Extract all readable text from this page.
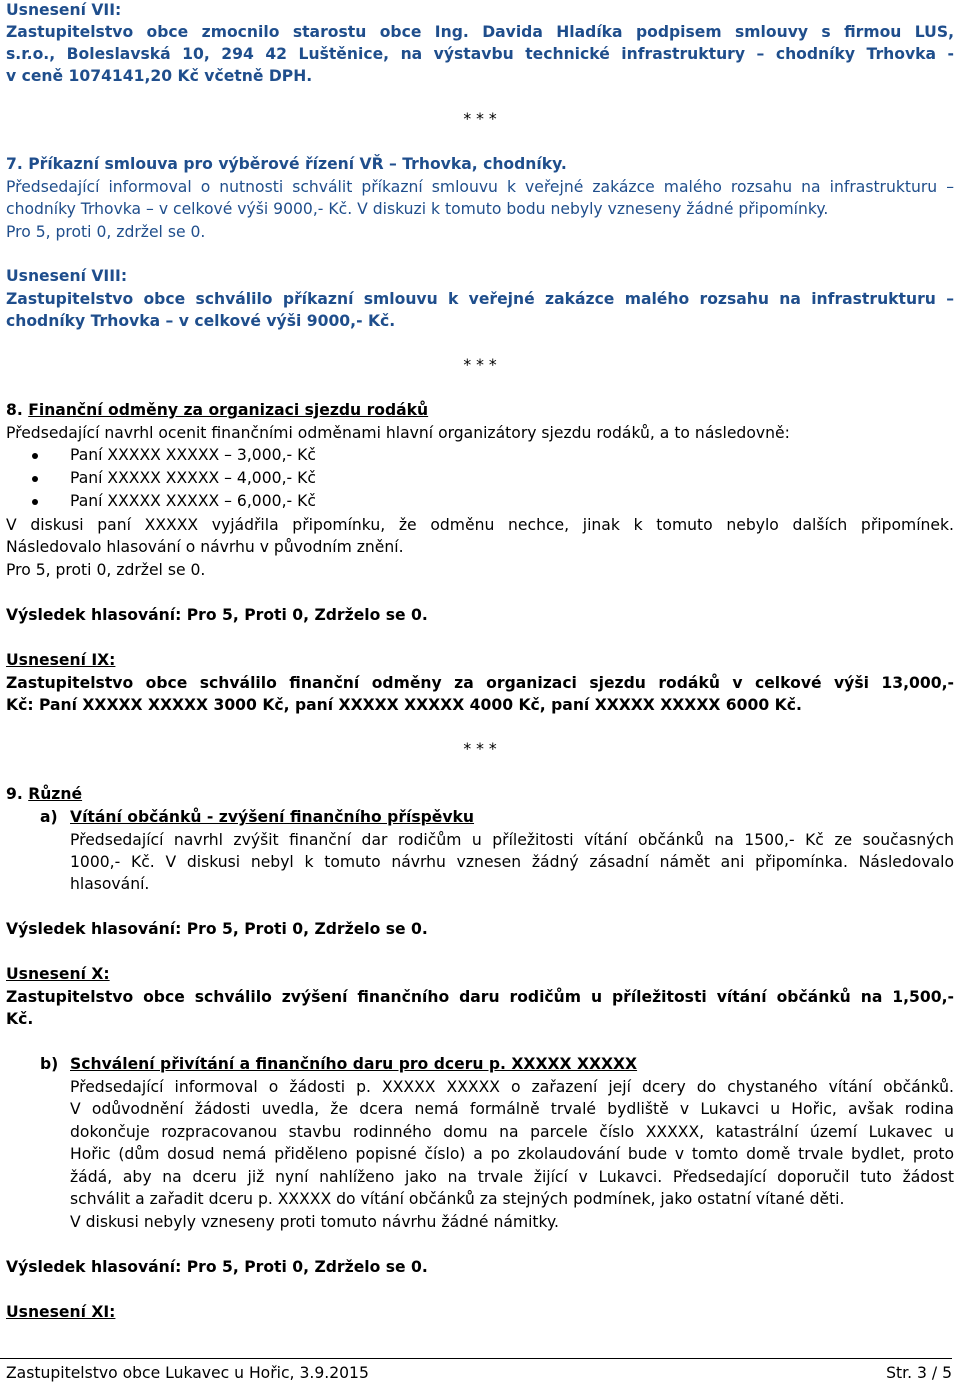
Usnesení VII:
Zastupitelstvo obce zmocnilo starostu obce Ing. Davida Hladíka podpisem smlouvy s firmou LUS,
s.r.o., Boleslavská 10, 294 42 Luštěnice, na výstavbu technické infrastruktury – chodníky Trhovka -
v ceně 1074141,20 Kč včetně DPH.
* * *
7. Příkazní smlouva pro výběrové řízení VŘ – Trhovka, chodníky.
Předsedající informoval o nutnosti schválit příkazní smlouvu k veřejné zakázce malého rozsahu na infrastrukturu –
chodníky Trhovka – v celkové výši 9000,- Kč. V diskuzi k tomuto bodu nebyly vzneseny žádné připomínky.
Pro 5, proti 0, zdržel se 0.
Usnesení VIII:
Zastupitelstvo obce schválilo příkazní smlouvu k veřejné zakázce malého rozsahu na infrastrukturu –
chodníky Trhovka – v celkové výši 9000,- Kč.
* * *
8. Finanční odměny za organizaci sjezdu rodáků
Předsedající navrhl ocenit finančními odměnami hlavní organizátory sjezdu rodáků, a to následovně:
Paní XXXXX XXXXX – 3,000,- Kč
Paní XXXXX XXXXX – 4,000,- Kč
Paní XXXXX XXXXX – 6,000,- Kč
V diskusi paní XXXXX vyjádřila připomínku, že odměnu nechce, jinak k tomuto nebylo dalších připomínek.
Následovalo hlasování o návrhu v původním znění.
Pro 5, proti 0, zdržel se 0.
Výsledek hlasování: Pro 5, Proti 0, Zdrželo se 0.
Usnesení IX:
Zastupitelstvo obce schválilo finanční odměny za organizaci sjezdu rodáků v celkové výši 13,000,-
Kč: Paní XXXXX XXXXX 3000 Kč, paní XXXXX XXXXX 4000 Kč, paní XXXXX XXXXX 6000 Kč.
* * *
9. Různé
a) Vítání občánků - zvýšení finančního příspěvku
Předsedající navrhl zvýšit finanční dar rodičům u příležitosti vítání občánků na 1500,- Kč ze současných
1000,- Kč. V diskusi nebyl k tomuto návrhu vznesen žádný zásadní námět ani připomínka. Následovalo
hlasování.
Výsledek hlasování: Pro 5, Proti 0, Zdrželo se 0.
Usnesení X:
Zastupitelstvo obce schválilo zvýšení finančního daru rodičům u příležitosti vítání občánků na 1,500,-
Kč.
b) Schválení přivítání a finančního daru pro dceru p. XXXXX XXXXX
Předsedající informoval o žádosti p. XXXXX XXXXX o zařazení její dcery do chystaného vítání občánků.
V odůvodnění žádosti uvedla, že dcera nemá formálně trvalé bydliště v Lukavci u Hořic, avšak rodina
dokončuje rozpracovanou stavbu rodinného domu na parcele číslo XXXXX, katastrální území Lukavec u
Hořic (dům dosud nemá přiděleno popisné číslo) a po zkolaudování bude v tomto domě trvale bydlet, proto
žádá, aby na dceru již nyní nahlíženo jako na trvale žijící v Lukavci. Předsedající doporučil tuto žádost
schválit a zařadit dceru p. XXXXX do vítání občánků za stejných podmínek, jako ostatní vítané děti.
V diskusi nebyly vzneseny proti tomuto návrhu žádné námitky.
Výsledek hlasování: Pro 5, Proti 0, Zdrželo se 0.
Usnesení XI:
Zastupitelstvo obce Lukavec u Hořic, 3.9.2015	Str. 3 / 5
